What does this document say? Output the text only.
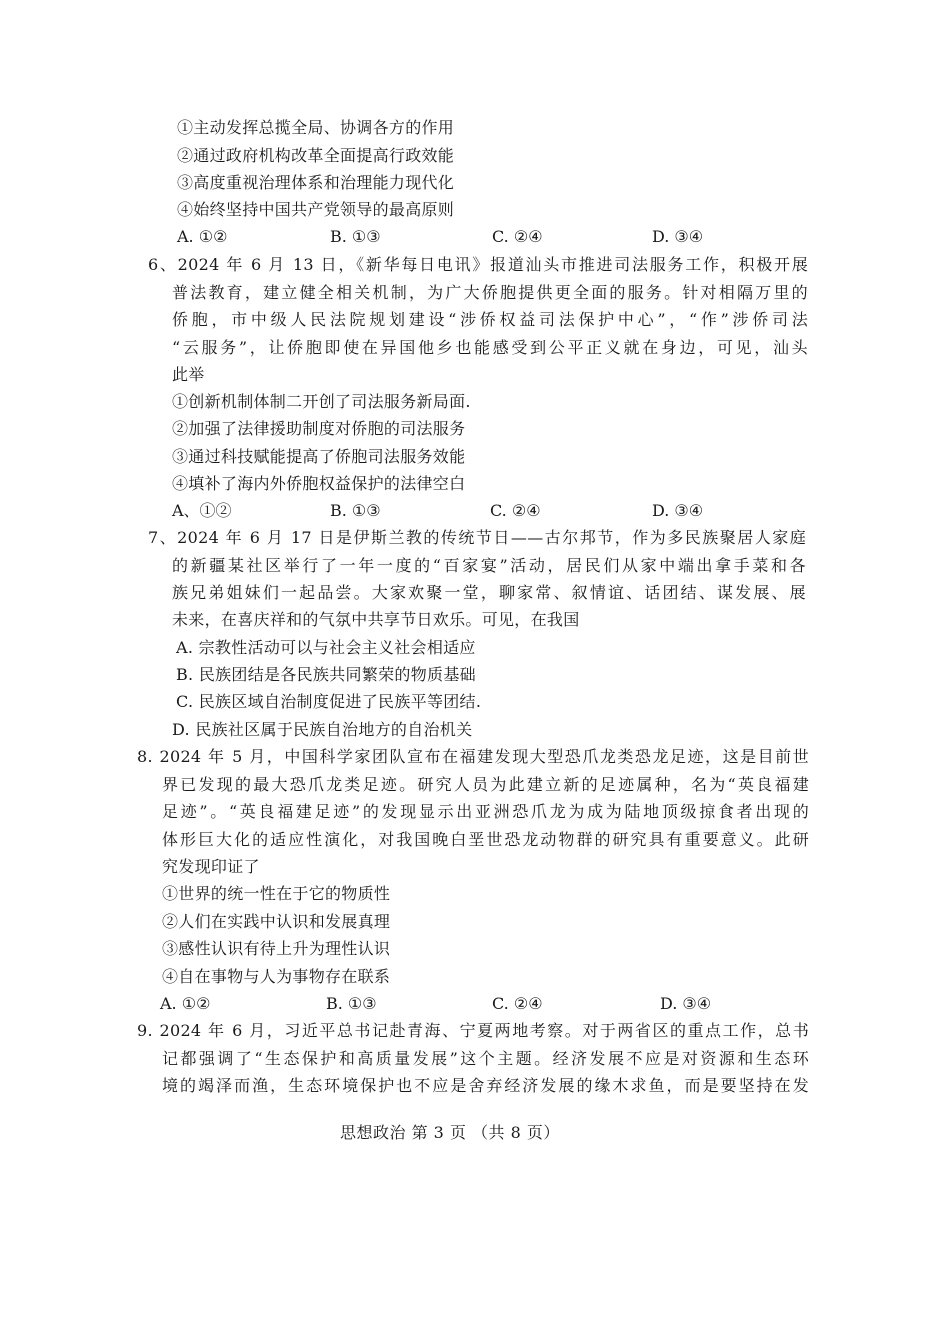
①主动发挥总揽全局、协调各方的作用
②通过政府机构改革全面提高行政效能
③高度重视治理体系和治理能力现代化
④始终坚持中国共产党领导的最高原则
A. ①②	B. ①③	C. ②④	D. ③④
6、2024 年 6 月 13 日，《新华每日电讯》报道汕头市推进司法服务工作，积极开展
普法教育，建立健全相关机制，为广大侨胞提供更全面的服务。针对相隔万里的
侨胞，市中级人民法院规划建设“涉侨权益司法保护中心”，“作”涉侨司法
“云服务”，让侨胞即使在异国他乡也能感受到公平正义就在身边，可见，汕头
此举
①创新机制体制二开创了司法服务新局面.
②加强了法律援助制度对侨胞的司法服务
③通过科技赋能提高了侨胞司法服务效能
④填补了海内外侨胞权益保护的法律空白
A、①②	B. ①③	C. ②④	D. ③④
7、2024 年 6 月 17 日是伊斯兰教的传统节日——古尔邦节，作为多民族聚居人家庭
的新疆某社区举行了一年一度的“百家宴”活动，居民们从家中端出拿手菜和各
族兄弟姐妹们一起品尝。大家欢聚一堂，聊家常、叙情谊、话团结、谋发展、展
未来，在喜庆祥和的气氛中共享节日欢乐。可见，在我国
A. 宗教性活动可以与社会主义社会相适应
B. 民族团结是各民族共同繁荣的物质基础
C. 民族区域自治制度促进了民族平等团结.
D. 民族社区属于民族自治地方的自治机关
8. 2024 年 5 月，中国科学家团队宣布在福建发现大型恐爪龙类恐龙足迹，这是目前世
界已发现的最大恐爪龙类足迹。研究人员为此建立新的足迹属种，名为“英良福建
足迹”。“英良福建足迹”的发现显示出亚洲恐爪龙为成为陆地顶级掠食者出现的
体形巨大化的适应性演化，对我国晚白垩世恐龙动物群的研究具有重要意义。此研
究发现印证了
①世界的统一性在于它的物质性
②人们在实践中认识和发展真理
③感性认识有待上升为理性认识
④自在事物与人为事物存在联系
A. ①②	B. ①③	C. ②④	D. ③④
9. 2024 年 6 月，习近平总书记赴青海、宁夏两地考察。对于两省区的重点工作，总书
记都强调了“生态保护和高质量发展”这个主题。经济发展不应是对资源和生态环
境的竭泽而渔，生态环境保护也不应是舍弃经济发展的缘木求鱼，而是要坚持在发
思想政治 第 3 页 （共 8 页）
